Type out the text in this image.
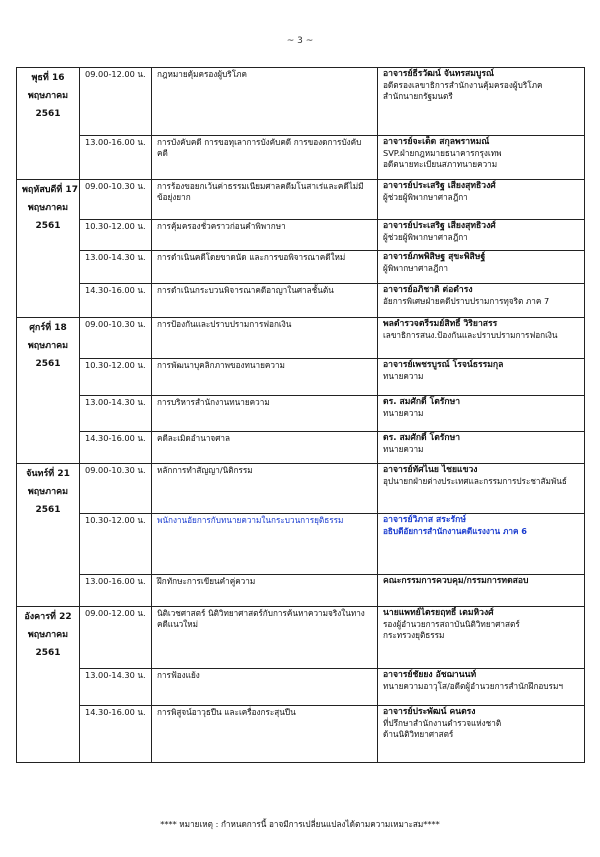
~ 3 ~
พุธที่ 16
พฤษภาคม
2561	09.00-12.00 น.	กฎหมายคุ้มครองผู้บริโภค	อาจารย์ธีรวัฒน์ จันทรสมบูรณ์
อดีตรองเลขาธิการสำนักงานคุ้มครองผู้บริโภค
สำนักนายกรัฐมนตรี

	13.00-16.00 น.	การบังคับคดี การขอทุเลาการบังคับคดี การของดการบังคับคดี	อาจารย์จะเด็ด สกุลพราหมณ์
SVP.ฝ่ายกฎหมายธนาคารกรุงเทพ
อดีตนายทะเบียนสภาทนายความ

พฤหัสบดีที่ 17
พฤษภาคม
2561	09.00-10.30 น.	การร้องขอยกเว้นค่าธรรมเนียมศาลคดีมโนสาเร่และคดีไม่มีข้อยุ่งยาก	อาจารย์ประเสริฐ เสียงสุทธิวงศ์
ผู้ช่วยผู้พิพากษาศาลฎีกา

	10.30-12.00 น.	การคุ้มครองชั่วคราวก่อนคำพิพากษา	อาจารย์ประเสริฐ เสียงสุทธิวงศ์
ผู้ช่วยผู้พิพากษาศาลฎีกา

	13.00-14.30 น.	การดำเนินคดีโดยขาดนัด และการขอพิจารณาคดีใหม่	อาจารย์ภพพิสิษฐ สุขะพิสิษฐ์
ผู้พิพากษาศาลฎีกา

	14.30-16.00 น.	การดำเนินกระบวนพิจารณาคดีอาญาในศาลชั้นต้น	อาจารย์อภิชาติ ต่อตำรง
อัยการพิเศษฝ่ายคดีปราบปรามการทุจริต ภาค 7

ศุกร์ที่ 18
พฤษภาคม
2561	09.00-10.30 น.	การป้องกันและปราบปรามการฟอกเงิน	พลตำรวจตรีรมย์สิทธิ์ วิริยาสรร
เลขาธิการสนง.ป้องกันและปราบปรามการฟอกเงิน

	10.30-12.00 น.	การพัฒนาบุคลิกภาพของทนายความ	อาจารย์เพชรบูรณ์ โรจน์ธรรมกุล
ทนายความ

	13.00-14.30 น.	การบริหารสำนักงานทนายความ	ดร. สมศักดิ์ โตรักษา
ทนายความ

	14.30-16.00 น.	คดีละเมิดอำนาจศาล	ดร. สมศักดิ์ โตรักษา
ทนายความ

จันทร์ที่ 21
พฤษภาคม
2561	09.00-10.30 น.	หลักการทำสัญญา/นิติกรรม	อาจารย์ทัศไนย ไชยแขวง
อุปนายกฝ่ายต่างประเทศและกรรมการประชาสัมพันธ์

	10.30-12.00 น.	พนักงานอัยการกับทนายความในกระบวนการยุติธรรม	อาจารย์วิภาส สระรักษ์
อธิบดีอัยการสำนักงานคดีแรงงาน ภาค 6

	13.00-16.00 น.	ฝึกทักษะการเขียนคำคู่ความ	คณะกรรมการควบคุม/กรรมการทดสอบ

อังคารที่ 22
พฤษภาคม
2561	09.00-12.00 น.	นิติเวชศาสตร์ นิติวิทยาศาสตร์กับการค้นหาความจริงในทางคดีแนวใหม่	นายแพทย์ไตรยฤทธิ์ เตมหิวงศ์
รองผู้อำนวยการสถาบันนิติวิทยาศาสตร์
กระทรวงยุติธรรม

	13.00-14.30 น.	การฟ้องแย้ง	อาจารย์ชัยยง อัชฌานนท์
ทนายความอาวุโส/อดีตผู้อำนวยการสำนักฝึกอบรมฯ

	14.30-16.00 น.	การพิสูจน์อาวุธปืน และเครื่องกระสุนปืน	อาจารย์ประพัฒน์ คนตรง
ที่ปรึกษาสำนักงานตำรวจแห่งชาติ
ด้านนิติวิทยาศาสตร์
**** หมายเหตุ : กำหนดการนี้ อาจมีการเปลี่ยนแปลงได้ตามความเหมาะสม****
